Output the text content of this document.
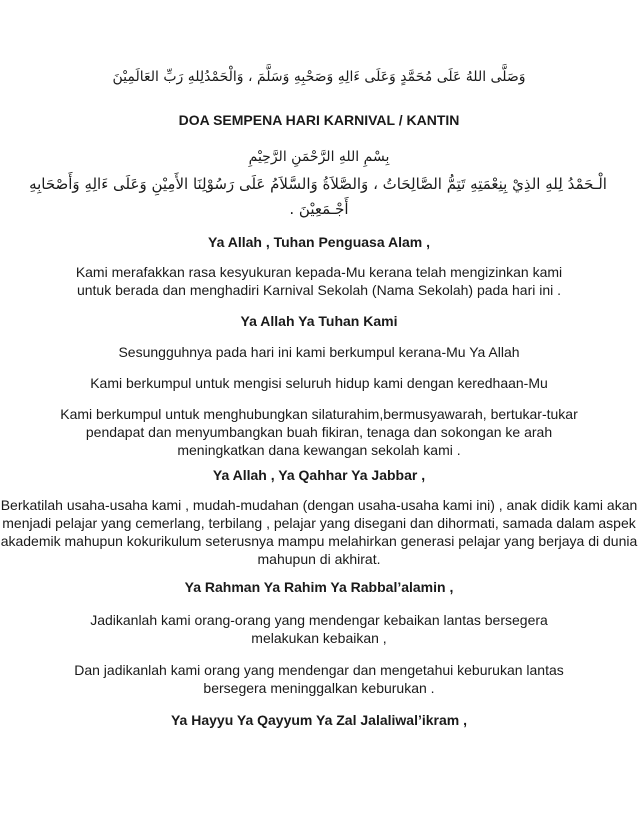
وَصَلَّى اللهُ عَلَى مُحَمَّدٍ وَعَلَى ءَالِهِ وَصَحْبِهِ وَسَلَّمَ ، وَالْحَمْدُلِلهِ رَبِّ العَالَمِيْنَ
DOA SEMPENA HARI KARNIVAL / KANTIN
بِسْمِ اللهِ الرَّحْمَنِ الرَّحِيْمِ
الْـحَمْدُ لِلهِ الذِيْ بِنِعْمَتِهِ تَتِمُّ الصَّالِحَاتُ ، وَالصَّلاَةُ وَالسَّلاَمُ عَلَى رَسُوْلِنَا الأَمِيْنِ وَعَلَى ءَالِهِ وَأَصْحَابِهِ
أَجْـمَعِيْنَ .
Ya Allah , Tuhan Penguasa Alam ,
Kami merafakkan rasa kesyukuran kepada-Mu kerana telah mengizinkan kami untuk berada dan menghadiri Karnival Sekolah (Nama Sekolah) pada hari ini .
Ya Allah Ya Tuhan Kami
Sesungguhnya pada hari ini kami berkumpul kerana-Mu Ya Allah
Kami berkumpul untuk mengisi seluruh hidup kami dengan keredhaan-Mu
Kami berkumpul untuk menghubungkan silaturahim,bermusyawarah, bertukar-tukar pendapat dan menyumbangkan buah fikiran, tenaga dan sokongan ke arah meningkatkan dana kewangan sekolah kami .
Ya Allah , Ya Qahhar Ya Jabbar ,
Berkatilah usaha-usaha kami , mudah-mudahan (dengan usaha-usaha kami ini) , anak didik kami akan menjadi pelajar yang cemerlang, terbilang , pelajar yang disegani dan dihormati, samada dalam aspek akademik mahupun kokurikulum seterusnya mampu melahirkan generasi pelajar yang berjaya di dunia mahupun di akhirat.
Ya Rahman Ya Rahim Ya Rabbal’alamin ,
Jadikanlah kami orang-orang yang mendengar kebaikan lantas bersegera melakukan kebaikan ,
Dan jadikanlah kami orang yang mendengar dan mengetahui keburukan lantas bersegera meninggalkan keburukan .
Ya Hayyu Ya Qayyum Ya Zal Jalaliwal’ikram ,
